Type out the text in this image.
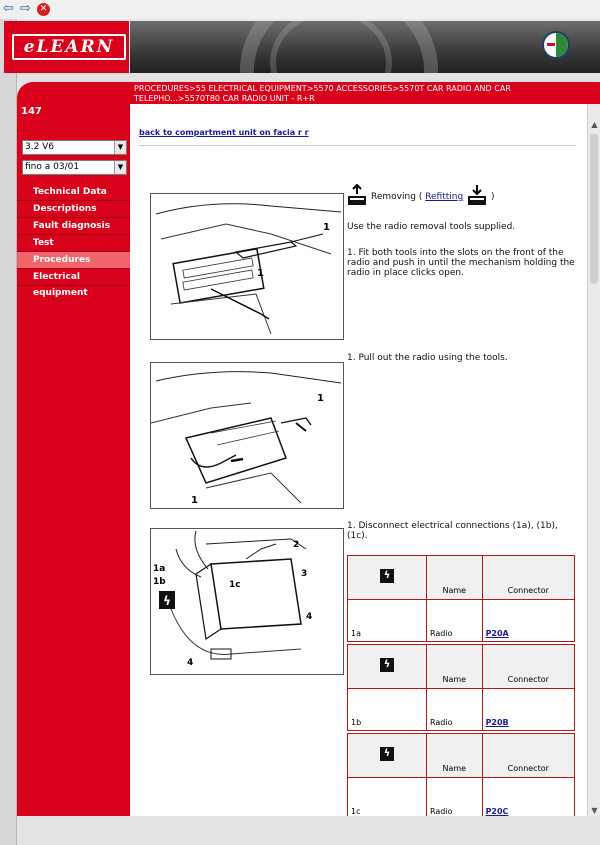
⇦ ⇨ ✕
eLEARN
147
3.2 V6	▼
fino a 03/01	▼
Technical Data
Descriptions
Fault diagnosis
Test
Procedures
Electrical equipment
PROCEDURES>55 ELECTRICAL EQUIPMENT>5570 ACCESSORIES>5570T CAR RADIO AND CAR TELEPHO...>5570T80 CAR RADIO UNIT - R+R
back to compartment unit on facia r r
1
1
Removing ( Refitting	)
Use the radio removal tools supplied.
1. Fit both tools into the slots on the front of the radio and push in until the mechanism holding the radio in place clicks open.
1
1
1. Pull out the radio using the tools.
ϟ
1a
1b	1c
2
3
4
4
1. Disconnect electrical connections (1a), (1b), (1c).
ϟ	Name	Connector
1a	Radio	P20A
ϟ	Name	Connector
1b	Radio	P20B
ϟ	Name	Connector
1c	Radio	P20C
▲
▼
